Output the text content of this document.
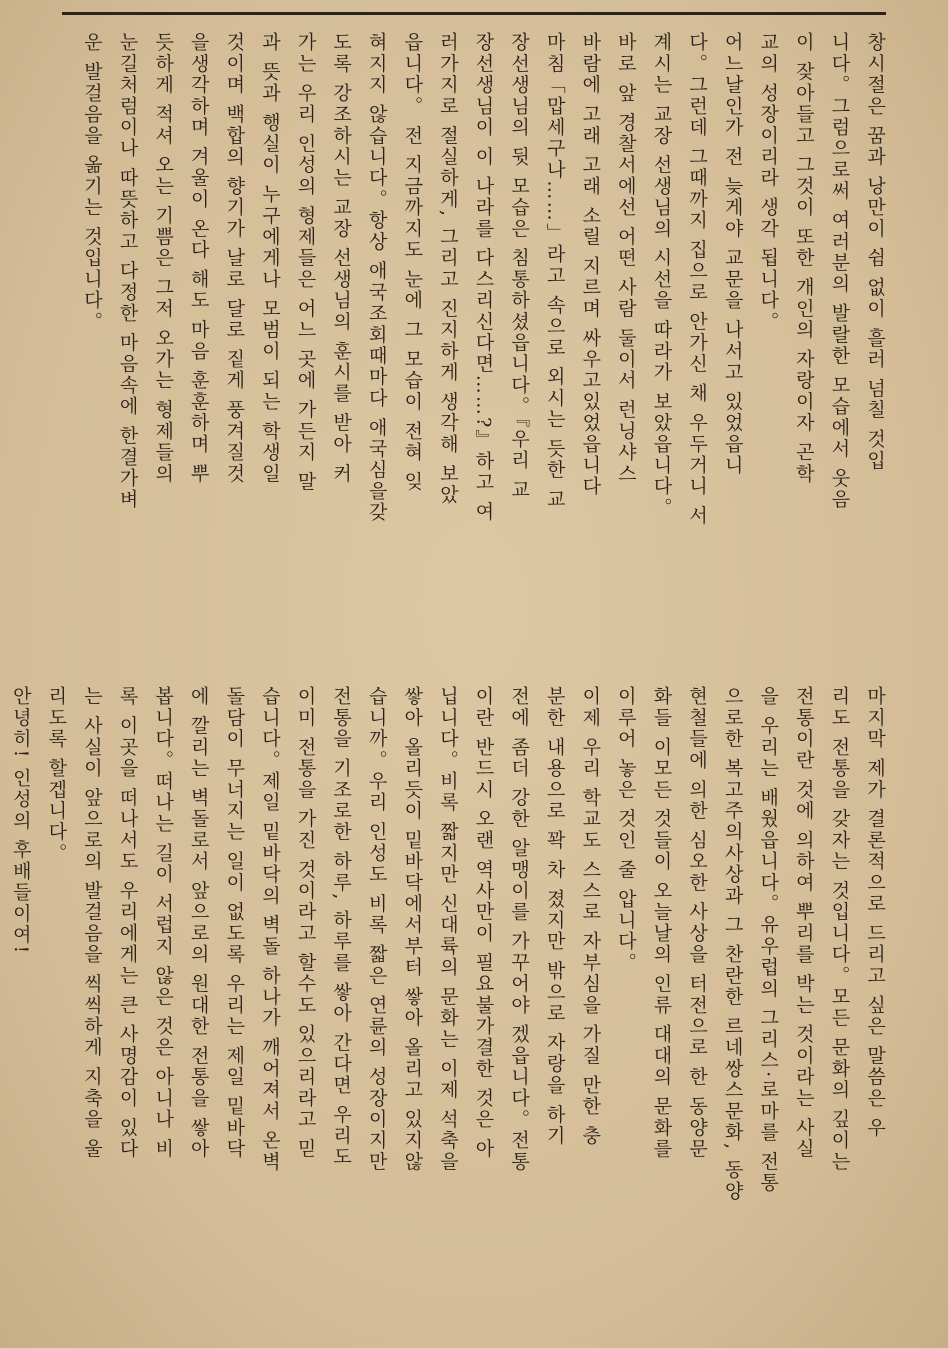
창시절은 꿈과 낭만이 쉼 없이 흘러 넘칠 것입
니다。그럼으로써 여러분의 발랄한 모습에서 웃음
이 잦아들고 그것이 또한 개인의 자랑이자 곤학
교의 성장이리라 생각 됩니다。
어느날인가 전 늦게야 교문을 나서고 있었읍니
다。그런데 그때까지 집으로 안가신 채 우두거니 서
계시는 교장 선생님의 시선을 따라가 보았읍니다。
바로 앞 경찰서에선 어떤 사람 둘이서 런닝샤스
바람에 고래 고래 소릴 지르며 싸우고있었읍니다
마침「맙세구나……」라고 속으로 외시는 듯한 교
장선생님의 뒷 모습은 침통하셨읍니다。『우리 교
장선생님이 이 나라를 다스리신다면……?』하고 여
러가지로 절실하게, 그리고 진지하게 생각해 보았
읍니다。 전 지금까지도 눈에 그 모습이 전혀 잊
혀지지 않습니다。항상 애국조회때마다 애국심을갖
도록 강조하시는 교장 선생님의 훈시를 받아 커
가는 우리 인성의 형제들은 어느 곳에 가든지 말
과 뜻과 행실이 누구에게나 모범이 되는 학생일
것이며 백합의 향기가 날로 달로 짙게 풍겨질것
을생각하며 겨울이 온다 해도 마음 훈훈하며 뿌
듯하게 적셔 오는 기쁨은 그저 오가는 형제들의
눈길처럼이나 따뜻하고 다정한 마음속에 한결가벼
운 발걸음을 옮기는 것입니다。
마지막 제가 결론적으로 드리고 싶은 말씀은 우
리도 전통을 갖자는 것입니다。모든 문화의 깊이는
전통이란 것에 의하여 뿌리를 박는 것이라는 사실
을 우리는 배웠읍니다。유우럽의 그리스·로마를 전통
으로한 복고주의사상과 그 찬란한 르네쌍스문화, 동양
현철들에 의한 심오한 사상을 터전으로 한 동양문
화들 이모든 것들이 오늘날의 인류 대대의 문화를
이루어 놓은 것인 줄 압니다。
이제 우리 학교도 스스로 자부심을 가질 만한 충
분한 내용으로 꽉 차 졌지만 밖으로 자랑을 하기
전에 좀더 강한 알맹이를 가꾸어야 겠읍니다。전통
이란 반드시 오랜 역사만이 필요불가결한 것은 아
닙니다。비록 짧지만 신대륙의 문화는 이제 석축을
쌓아 올리듯이 밑바닥에서부터 쌓아 올리고 있지않
습니까。우리 인성도 비록 짧은 연륜의 성장이지만
전통을 기조로한 하루, 하루를 쌓아 간다면 우리도
이미 전통을 가진 것이라고 할수도 있으리라고 믿
습니다。제일 밑바닥의 벽돌 하나가 깨어져서 온벽
돌담이 무너지는 일이 없도록 우리는 제일 밑바닥
에 깔리는 벽돌로서 앞으로의 원대한 전통을 쌓아
봅니다。떠나는 길이 서럽지 않은 것은 아니나 비
록 이곳을 떠나서도 우리에게는 큰 사명감이 있다
는 사실이 앞으로의 발걸음을 씩씩하게 지축을 울
리도록 할겝니다。
안녕히! 인성의 후배들이여!
